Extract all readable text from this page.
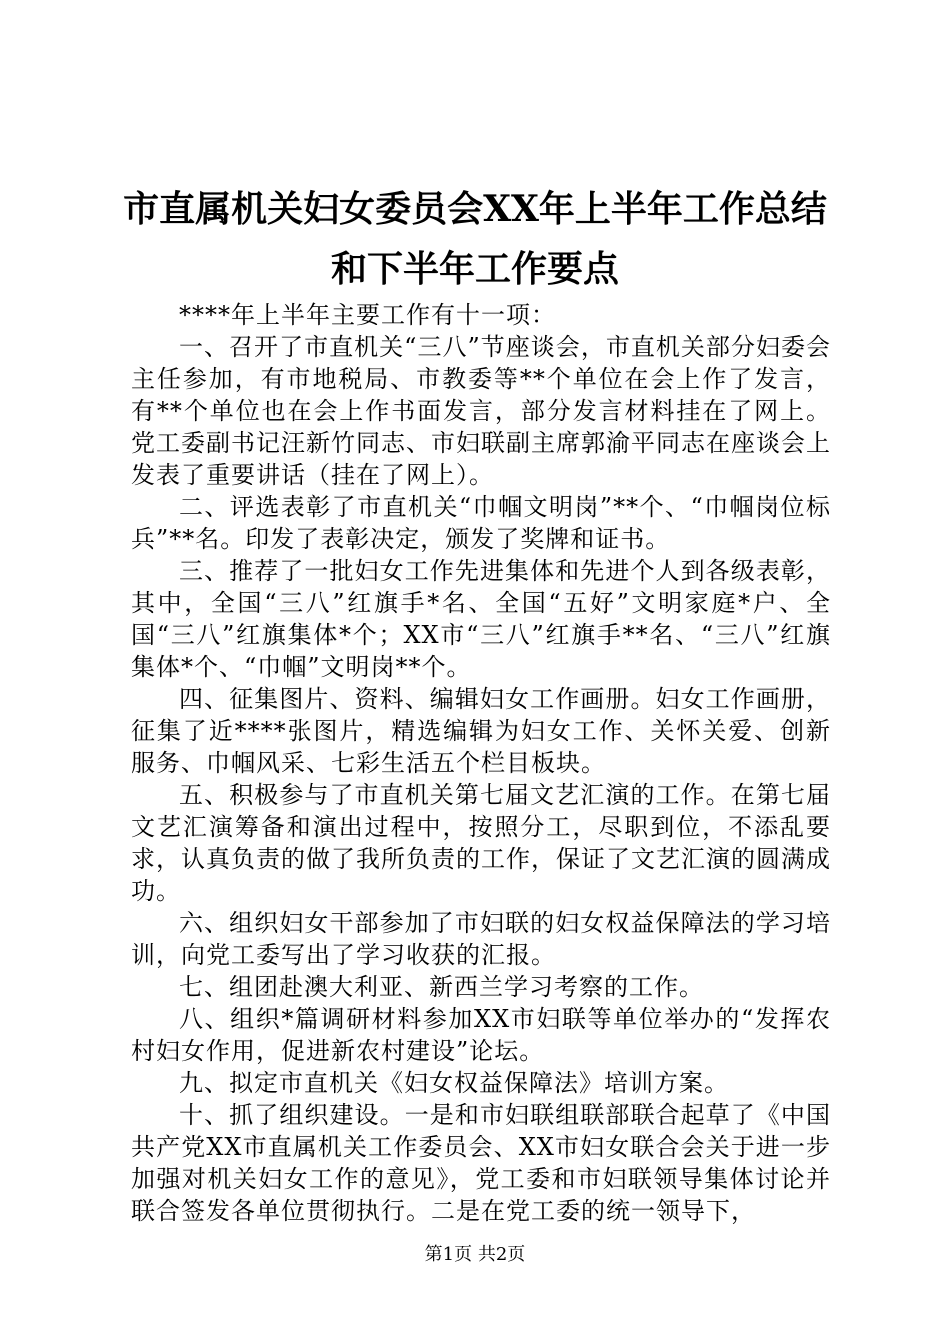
市直属机关妇女委员会XX年上半年工作总结
和下半年工作要点

****年上半年主要工作有十一项：

一、召开了市直机关“三八”节座谈会，市直机关部分妇委会主任参加，有市地税局、市教委等**个单位在会上作了发言，有**个单位也在会上作书面发言，部分发言材料挂在了网上。党工委副书记汪新竹同志、市妇联副主席郭渝平同志在座谈会上发表了重要讲话（挂在了网上）。

二、评选表彰了市直机关“巾帼文明岗”**个、“巾帼岗位标兵”**名。印发了表彰决定，颁发了奖牌和证书。

三、推荐了一批妇女工作先进集体和先进个人到各级表彰，其中，全国“三八”红旗手*名、全国“五好”文明家庭*户、全国“三八”红旗集体*个；XX市“三八”红旗手**名、“三八”红旗集体*个、“巾帼”文明岗**个。

四、征集图片、资料、编辑妇女工作画册。妇女工作画册，征集了近****张图片，精选编辑为妇女工作、关怀关爱、创新服务、巾帼风采、七彩生活五个栏目板块。

五、积极参与了市直机关第七届文艺汇演的工作。在第七届文艺汇演筹备和演出过程中，按照分工，尽职到位，不添乱要求，认真负责的做了我所负责的工作，保证了文艺汇演的圆满成功。

六、组织妇女干部参加了市妇联的妇女权益保障法的学习培训，向党工委写出了学习收获的汇报。

七、组团赴澳大利亚、新西兰学习考察的工作。

八、组织*篇调研材料参加XX市妇联等单位举办的“发挥农村妇女作用，促进新农村建设”论坛。

九、拟定市直机关《妇女权益保障法》培训方案。

十、抓了组织建设。一是和市妇联组联部联合起草了《中国共产党XX市直属机关工作委员会、XX市妇女联合会关于进一步加强对机关妇女工作的意见》，党工委和市妇联领导集体讨论并联合签发各单位贯彻执行。二是在党工委的统一领导下，

第1页 共2页
